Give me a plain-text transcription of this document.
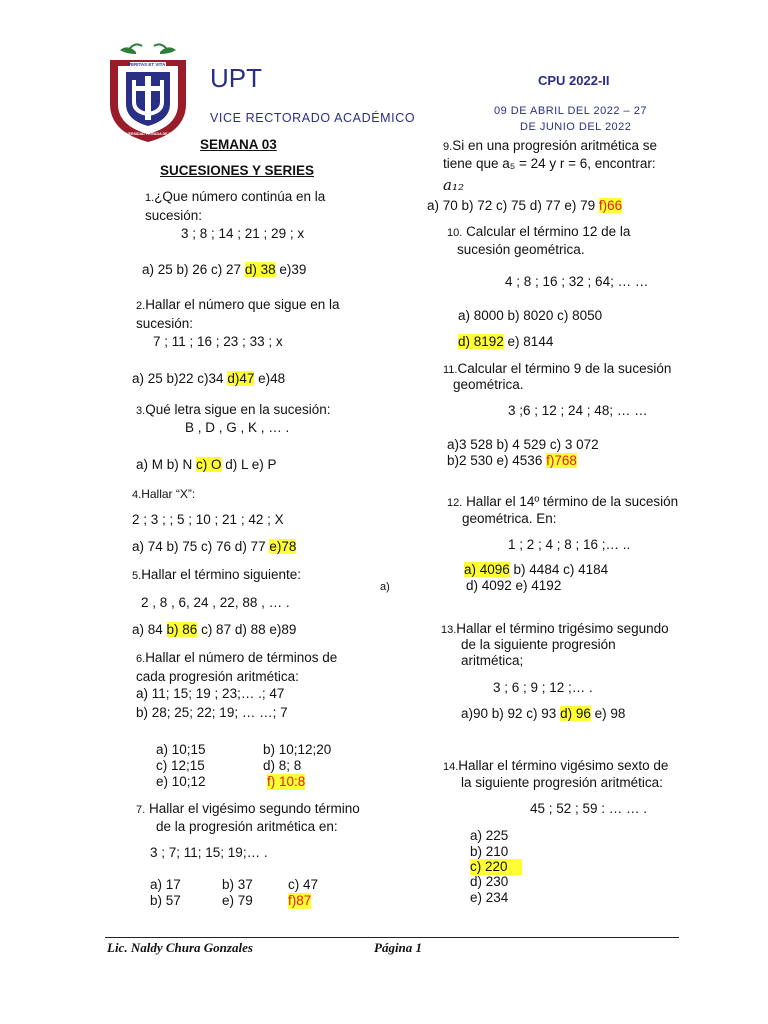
VERITAS ET VITA
UNIVERSIDAD PRIVADA DE TACNA
UPT
VICE RECTORADO ACADÉMICO
CPU 2022-II
09 DE ABRIL DEL 2022 – 27
DE JUNIO DEL 2022
SEMANA 03
SUCESIONES Y SERIES
1.¿Que número continúa en la
sucesión:
3 ; 8 ; 14 ; 21 ; 29 ; x
a) 25 b) 26 c) 27 d) 38 e)39
2.Hallar el número que sigue en la
sucesión:
7 ; 11 ; 16 ; 23 ; 33 ; x
a) 25 b)22 c)34 d)47 e)48
3.Qué letra sigue en la sucesión:
B , D , G , K , … .
a) M b) N c) O d) L e) P
4.Hallar “X”:
2 ; 3 ; ; 5 ; 10 ; 21 ; 42 ; X
a) 74 b) 75 c) 76 d) 77 e)78
5.Hallar el término siguiente:
2 , 8 , 6, 24 , 22, 88 , … .
a) 84 b) 86 c) 87 d) 88 e)89
6.Hallar el número de términos de
cada progresión aritmética:
a) 11; 15; 19 ; 23;… .; 47
b) 28; 25; 22; 19; … …; 7
a) 10;15	b) 10;12;20
c) 12;15	d) 8; 8
e) 10;12	f) 10:8
7. Hallar el vigésimo segundo término
de la progresión aritmética en:
3 ; 7; 11; 15; 19;… .
a) 17	b) 37	c) 47
b) 57	e) 79	f)87
9.Si en una progresión aritmética se
tiene que a₅ = 24 y r = 6, encontrar:
a₁₂
a) 70 b) 72 c) 75 d) 77 e) 79 f)66
10. Calcular el término 12 de la
sucesión geométrica.
4 ; 8 ; 16 ; 32 ; 64; … …
a) 8000 b) 8020 c) 8050
d) 8192 e) 8144
11.Calcular el término 9 de la sucesión
geométrica.
3 ;6 ; 12 ; 24 ; 48; … …
a)3 528 b) 4 529 c) 3 072
b)2 530 e) 4536 f)768
12. Hallar el 14º término de la sucesión
geométrica. En:
1 ; 2 ; 4 ; 8 ; 16 ;… ..
a) 4096 b) 4484 c) 4184
d) 4092 e) 4192
a)
13.Hallar el término trigésimo segundo
de la siguiente progresión
aritmética;
3 ; 6 ; 9 ; 12 ;… .
a)90 b) 92 c) 93 d) 96 e) 98
14.Hallar el término vigésimo sexto de
la siguiente progresión aritmética:
45 ; 52 ; 59 : … … .
a) 225
b) 210
c) 220
d) 230
e) 234
Lic. Naldy Chura Gonzales	Página 1
